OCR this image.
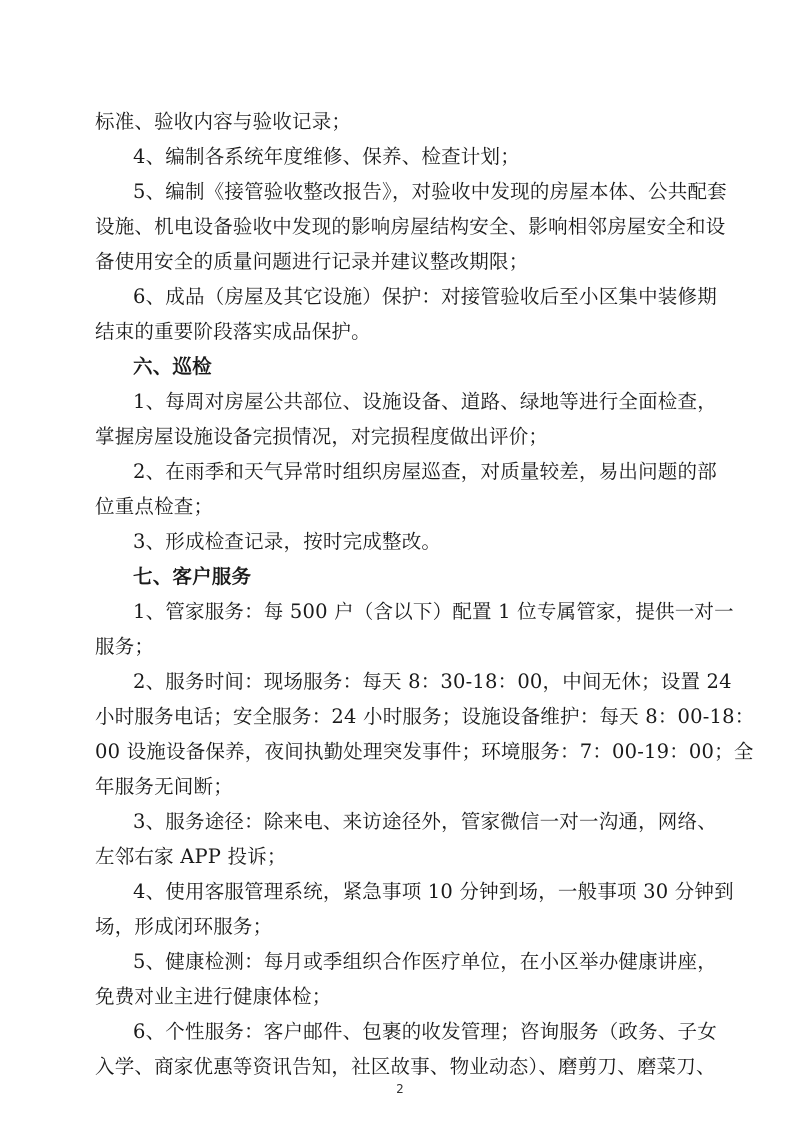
标准、验收内容与验收记录；
4、编制各系统年度维修、保养、检查计划；
5、编制《接管验收整改报告》，对验收中发现的房屋本体、公共配套
设施、机电设备验收中发现的影响房屋结构安全、影响相邻房屋安全和设
备使用安全的质量问题进行记录并建议整改期限；
6、成品（房屋及其它设施）保护：对接管验收后至小区集中装修期
结束的重要阶段落实成品保护。
六、巡检
1、每周对房屋公共部位、设施设备、道路、绿地等进行全面检查，
掌握房屋设施设备完损情况，对完损程度做出评价；
2、在雨季和天气异常时组织房屋巡查，对质量较差，易出问题的部
位重点检查；
3、形成检查记录，按时完成整改。
七、客户服务
1、管家服务：每 500 户（含以下）配置 1 位专属管家，提供一对一
服务；
2、服务时间：现场服务：每天 8：30-18：00，中间无休；设置 24
小时服务电话；安全服务：24 小时服务；设施设备维护：每天 8：00-18：
00 设施设备保养，夜间执勤处理突发事件；环境服务：7：00-19：00；全
年服务无间断；
3、服务途径：除来电、来访途径外，管家微信一对一沟通，网络、
左邻右家 APP 投诉；
4、使用客服管理系统，紧急事项 10 分钟到场，一般事项 30 分钟到
场，形成闭环服务；
5、健康检测：每月或季组织合作医疗单位，在小区举办健康讲座，
免费对业主进行健康体检；
6、个性服务：客户邮件、包裹的收发管理；咨询服务（政务、子女
入学、商家优惠等资讯告知，社区故事、物业动态）、磨剪刀、磨菜刀、
2
